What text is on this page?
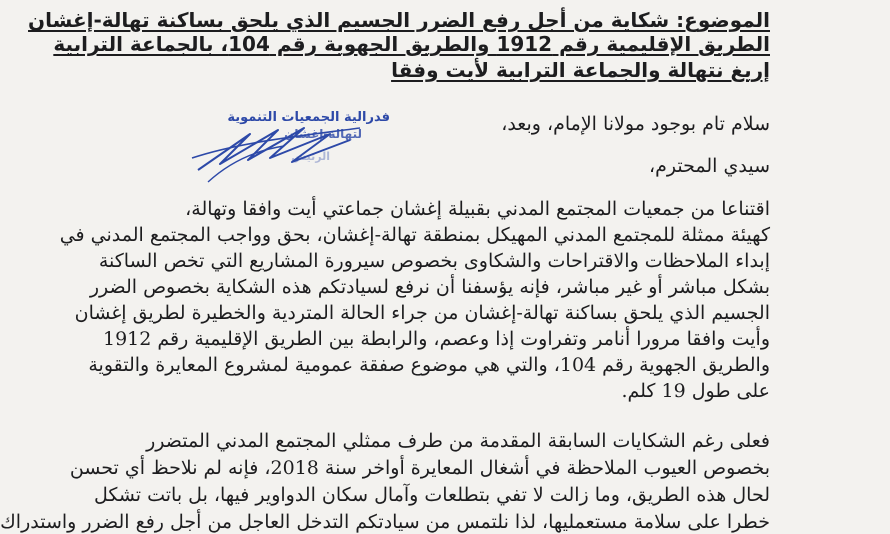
الموضوع: شكاية من أجل رفع الضرر الجسيم الذي يلحق بساكنة تهالة-إغشان
الطريق الإقليمية رقم 1912 والطريق الجهوية رقم 104، بالجماعة الترابية
إريغ نتهالة والجماعة الترابية لأيت وفقا
فدرالية الجمعيات التنموية
لتهالة-إغشان
الرئيس
سلام تام بوجود مولانا الإمام، وبعد،
سيدي المحترم،
اقتناعا من جمعيات المجتمع المدني بقبيلة إغشان جماعتي أيت وافقا وتهالة،
كهيئة ممثلة للمجتمع المدني المهيكل بمنطقة تهالة-إغشان، بحق وواجب المجتمع المدني في
إبداء الملاحظات والاقتراحات والشكاوى بخصوص سيرورة المشاريع التي تخص الساكنة
بشكل مباشر أو غير مباشر، فإنه يؤسفنا أن نرفع لسيادتكم هذه الشكاية بخصوص الضرر
الجسيم الذي يلحق بساكنة تهالة-إغشان من جراء الحالة المتردية والخطيرة لطريق إغشان
وأيت وافقا مرورا أنامر وتفراوت إذا وعصم، والرابطة بين الطريق الإقليمية رقم 1912
والطريق الجهوية رقم 104، والتي هي موضوع صفقة عمومية لمشروع المعايرة والتقوية
على طول 19 كلم.
فعلى رغم الشكايات السابقة المقدمة من طرف ممثلي المجتمع المدني المتضرر
بخصوص العيوب الملاحظة في أشغال المعايرة أواخر سنة 2018، فإنه لم نلاحظ أي تحسن
لحال هذه الطريق، وما زالت لا تفي بتطلعات وآمال سكان الدواوير فيها، بل باتت تشكل
خطرا على سلامة مستعمليها، لذا نلتمس من سيادتكم التدخل العاجل من أجل رفع الضرر واستدراك
